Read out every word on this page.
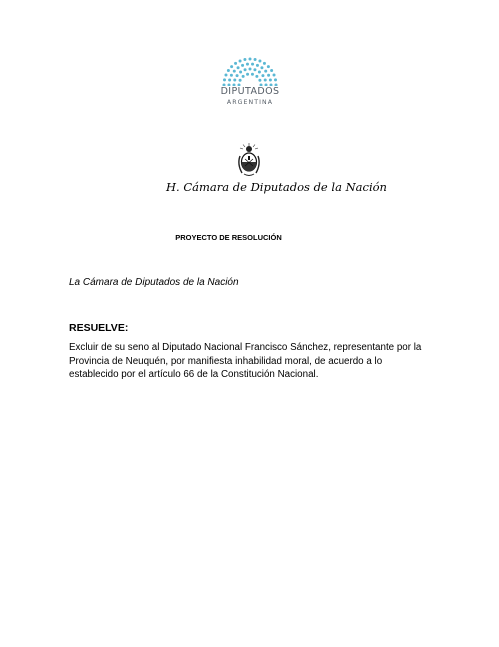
DIPUTADOS
ARGENTINA
H. Cámara de Diputados de la Nación
PROYECTO DE RESOLUCIÓN
La Cámara de Diputados de la Nación
RESUELVE:
Excluir de su seno al Diputado Nacional Francisco Sánchez, representante por la Provincia de Neuquén, por manifiesta inhabilidad moral, de acuerdo a lo establecido por el artículo 66 de la Constitución Nacional.
